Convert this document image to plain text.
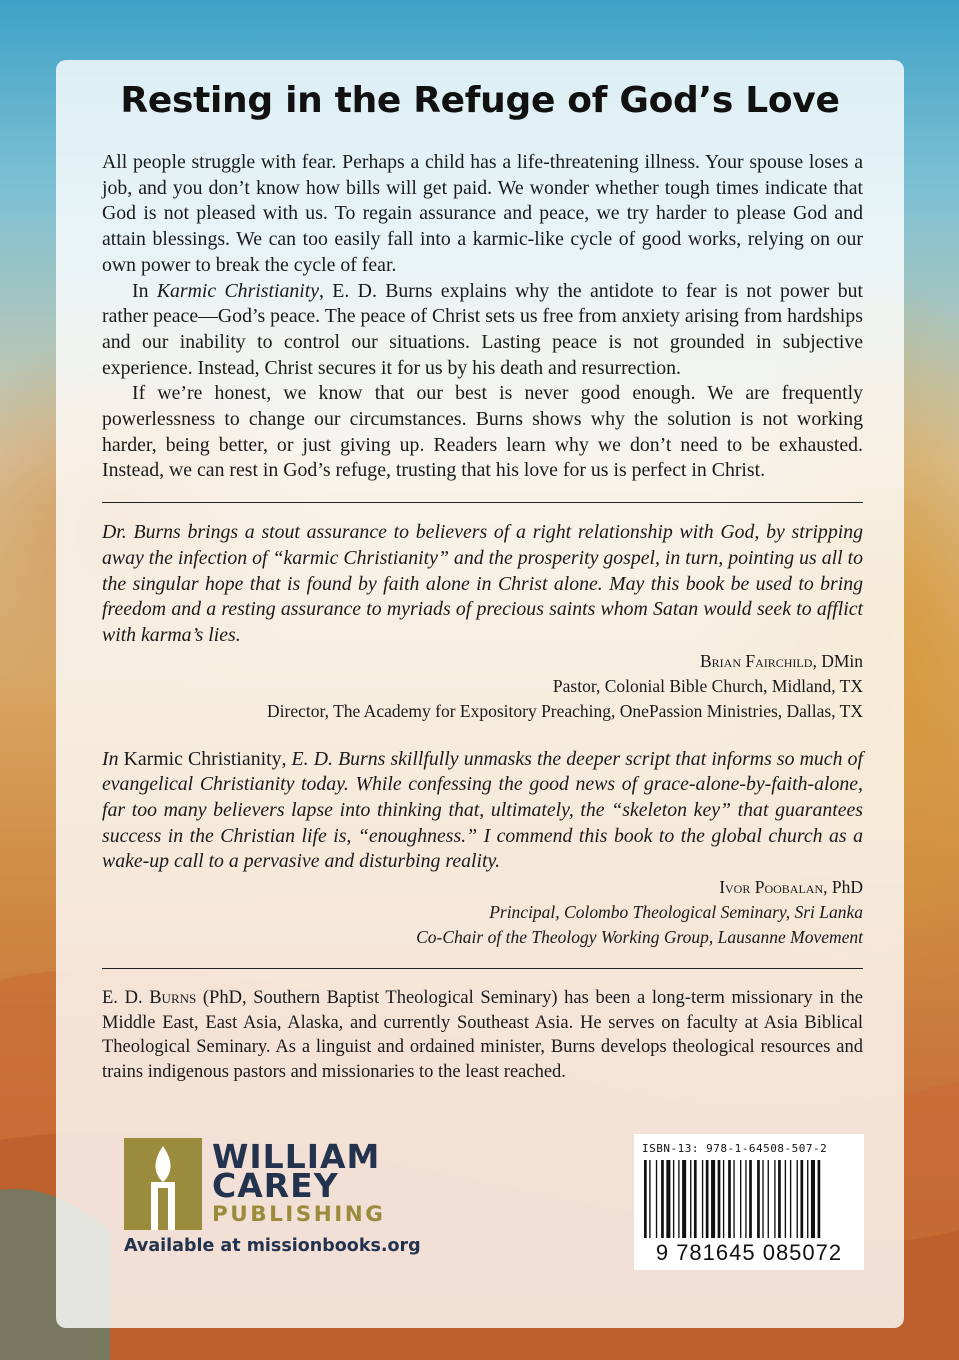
Resting in the Refuge of God’s Love

All people struggle with fear. Perhaps a child has a life-threatening illness. Your spouse loses a job, and you don’t know how bills will get paid. We wonder whether tough times indicate that God is not pleased with us. To regain assurance and peace, we try harder to please God and attain blessings. We can too easily fall into a karmic-like cycle of good works, relying on our own power to break the cycle of fear.

In Karmic Christianity, E. D. Burns explains why the antidote to fear is not power but rather peace—God’s peace. The peace of Christ sets us free from anxiety arising from hardships and our inability to control our situations. Lasting peace is not grounded in subjective experience. Instead, Christ secures it for us by his death and resurrection.

If we’re honest, we know that our best is never good enough. We are frequently powerlessness to change our circumstances. Burns shows why the solution is not working harder, being better, or just giving up. Readers learn why we don’t need to be exhausted. Instead, we can rest in God’s refuge, trusting that his love for us is perfect in Christ.

Dr. Burns brings a stout assurance to believers of a right relationship with God, by stripping away the infection of “karmic Christianity” and the prosperity gospel, in turn, pointing us all to the singular hope that is found by faith alone in Christ alone. May this book be used to bring freedom and a resting assurance to myriads of precious saints whom Satan would seek to afflict with karma’s lies.

Brian Fairchild, DMin
Pastor, Colonial Bible Church, Midland, TX
Director, The Academy for Expository Preaching, OnePassion Ministries, Dallas, TX

In Karmic Christianity, E. D. Burns skillfully unmasks the deeper script that informs so much of evangelical Christianity today. While confessing the good news of grace-alone-by-faith-alone, far too many believers lapse into thinking that, ultimately, the “skeleton key” that guarantees success in the Christian life is, “enoughness.” I commend this book to the global church as a wake-up call to a pervasive and disturbing reality.

Ivor Poobalan, PhD
Principal, Colombo Theological Seminary, Sri Lanka
Co-Chair of the Theology Working Group, Lausanne Movement

E. D. Burns (PhD, Southern Baptist Theological Seminary) has been a long-term missionary in the Middle East, East Asia, Alaska, and currently Southeast Asia. He serves on faculty at Asia Biblical Theological Seminary. As a linguist and ordained minister, Burns develops theological resources and trains indigenous pastors and missionaries to the least reached.

WILLIAM
CAREY
PUBLISHING
Available at missionbooks.org
ISBN-13: 978-1-64508-507-2
9 781645 085072
